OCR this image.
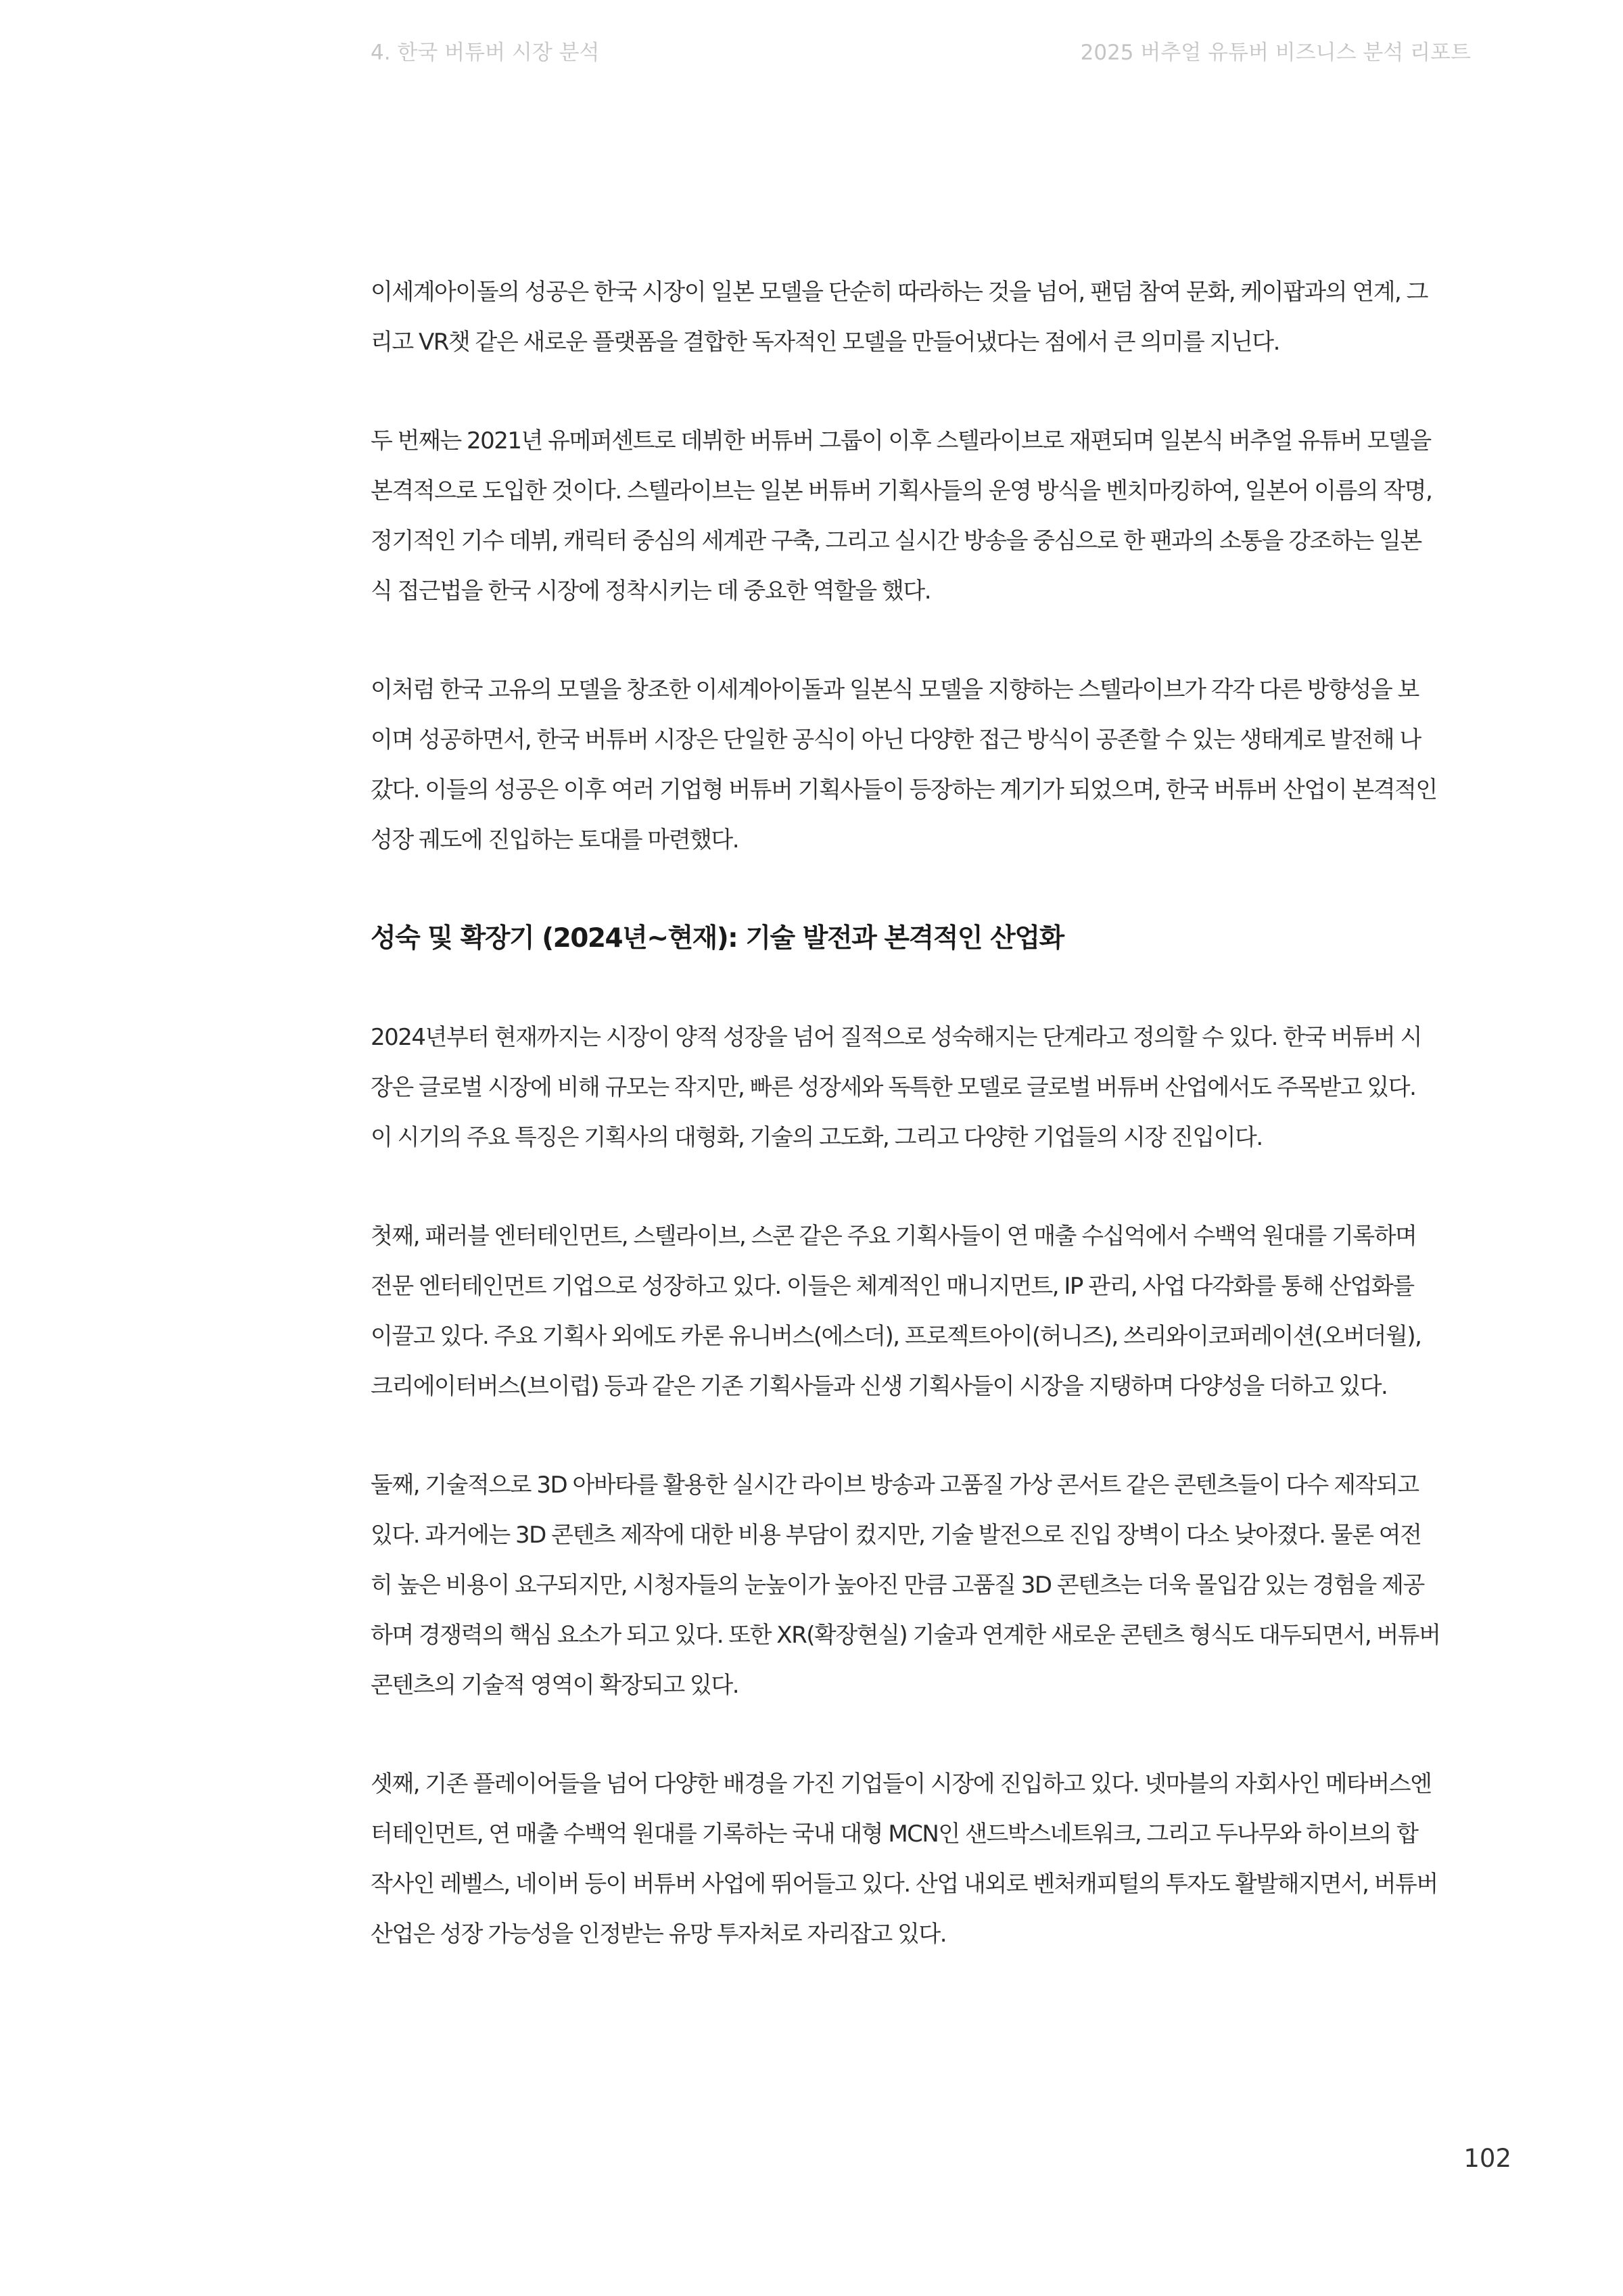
4. 한국 버튜버 시장 분석	2025 버추얼 유튜버 비즈니스 분석 리포트

이세계아이돌의 성공은 한국 시장이 일본 모델을 단순히 따라하는 것을 넘어, 팬덤 참여 문화, 케이팝과의 연계, 그
리고 VR챗 같은 새로운 플랫폼을 결합한 독자적인 모델을 만들어냈다는 점에서 큰 의미를 지닌다.

두 번째는 2021년 유메퍼센트로 데뷔한 버튜버 그룹이 이후 스텔라이브로 재편되며 일본식 버추얼 유튜버 모델을
본격적으로 도입한 것이다. 스텔라이브는 일본 버튜버 기획사들의 운영 방식을 벤치마킹하여, 일본어 이름의 작명,
정기적인 기수 데뷔, 캐릭터 중심의 세계관 구축, 그리고 실시간 방송을 중심으로 한 팬과의 소통을 강조하는 일본
식 접근법을 한국 시장에 정착시키는 데 중요한 역할을 했다.

이처럼 한국 고유의 모델을 창조한 이세계아이돌과 일본식 모델을 지향하는 스텔라이브가 각각 다른 방향성을 보
이며 성공하면서, 한국 버튜버 시장은 단일한 공식이 아닌 다양한 접근 방식이 공존할 수 있는 생태계로 발전해 나
갔다. 이들의 성공은 이후 여러 기업형 버튜버 기획사들이 등장하는 계기가 되었으며, 한국 버튜버 산업이 본격적인
성장 궤도에 진입하는 토대를 마련했다.

성숙 및 확장기 (2024년~현재): 기술 발전과 본격적인 산업화

2024년부터 현재까지는 시장이 양적 성장을 넘어 질적으로 성숙해지는 단계라고 정의할 수 있다. 한국 버튜버 시
장은 글로벌 시장에 비해 규모는 작지만, 빠른 성장세와 독특한 모델로 글로벌 버튜버 산업에서도 주목받고 있다.
이 시기의 주요 특징은 기획사의 대형화, 기술의 고도화, 그리고 다양한 기업들의 시장 진입이다.

첫째, 패러블 엔터테인먼트, 스텔라이브, 스콘 같은 주요 기획사들이 연 매출 수십억에서 수백억 원대를 기록하며
전문 엔터테인먼트 기업으로 성장하고 있다. 이들은 체계적인 매니지먼트, IP 관리, 사업 다각화를 통해 산업화를
이끌고 있다. 주요 기획사 외에도 카론 유니버스(에스더), 프로젝트아이(허니즈), 쓰리와이코퍼레이션(오버더월),
크리에이터버스(브이럽) 등과 같은 기존 기획사들과 신생 기획사들이 시장을 지탱하며 다양성을 더하고 있다.

둘째, 기술적으로 3D 아바타를 활용한 실시간 라이브 방송과 고품질 가상 콘서트 같은 콘텐츠들이 다수 제작되고
있다. 과거에는 3D 콘텐츠 제작에 대한 비용 부담이 컸지만, 기술 발전으로 진입 장벽이 다소 낮아졌다. 물론 여전
히 높은 비용이 요구되지만, 시청자들의 눈높이가 높아진 만큼 고품질 3D 콘텐츠는 더욱 몰입감 있는 경험을 제공
하며 경쟁력의 핵심 요소가 되고 있다. 또한 XR(확장현실) 기술과 연계한 새로운 콘텐츠 형식도 대두되면서, 버튜버
콘텐츠의 기술적 영역이 확장되고 있다.

셋째, 기존 플레이어들을 넘어 다양한 배경을 가진 기업들이 시장에 진입하고 있다. 넷마블의 자회사인 메타버스엔
터테인먼트, 연 매출 수백억 원대를 기록하는 국내 대형 MCN인 샌드박스네트워크, 그리고 두나무와 하이브의 합
작사인 레벨스, 네이버 등이 버튜버 사업에 뛰어들고 있다. 산업 내외로 벤처캐피털의 투자도 활발해지면서, 버튜버
산업은 성장 가능성을 인정받는 유망 투자처로 자리잡고 있다.

102
